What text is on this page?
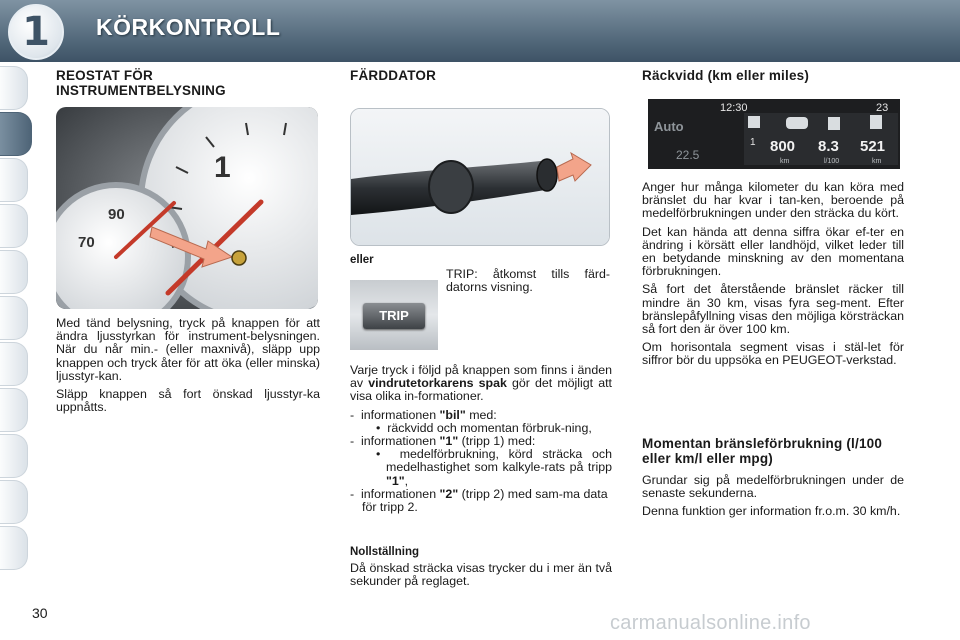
1	KÖRKONTROLL
REOSTAT FÖR INSTRUMENTBELYSNING
1
90
70

Med tänd belysning, tryck på knappen för att ändra ljusstyrkan för instrument-belysningen. När du når min.- (eller maxnivå), släpp upp knappen och tryck åter för att öka (eller minska) ljusstyr-kan.

Släpp knappen så fort önskad ljusstyr-ka uppnåtts.

FÄRDDATOR
eller
TRIP

TRIP: åtkomst tills färd-datorns visning.

Varje tryck i följd på knappen som finns i änden av vindrutetorkarens spak gör det möjligt att visa olika in-formationer.

-  informationen "bil" med:
•  räckvidd och momentan förbruk-ning,
-  informationen "1" (tripp 1) med:
•  medelförbrukning, körd sträcka och medelhastighet som kalkyle-rats på tripp "1",
-  informationen "2" (tripp 2) med sam-ma data för tripp 2.
Nollställning

Då önskad sträcka visas trycker du i mer än två sekunder på reglaget.

Räckvidd (km eller miles)
12:30	23
Auto
22.5
1 800 8.3 521
km	l/100	km

Anger hur många kilometer du kan köra med bränslet du har kvar i tan-ken, beroende på medelförbrukningen under den sträcka du kört.

Det kan hända att denna siffra ökar ef-ter en ändring i körsätt eller landhöjd, vilket leder till en betydande minskning av den momentana förbrukningen.

Så fort det återstående bränslet räcker till mindre än 30 km, visas fyra seg-ment. Efter bränslepåfyllning visas den möjliga körsträckan så fort den är över 100 km.

Om horisontala segment visas i stäl-let för siffror bör du uppsöka en PEUGEOT-verkstad.

Momentan bränsleförbrukning (l/100 eller km/l eller mpg)

Grundar sig på medelförbrukningen under de senaste sekunderna.

Denna funktion ger information fr.o.m. 30 km/h.

30	carmanualsonline.info
